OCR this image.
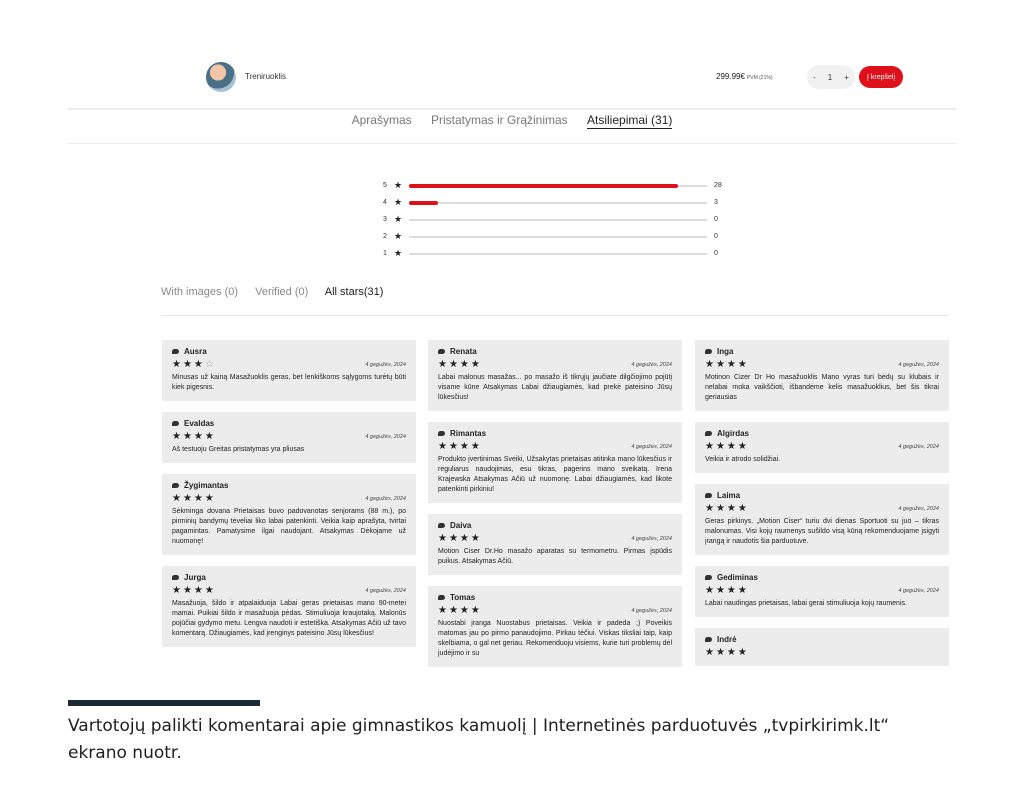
Treniruoklis	299.99€ PVM (21%)	- 1 +	Į krepšelį
Aprašymas Pristatymas ir Grąžinimas Atsiliepimai (31)
5 ★	28
4 ★	3
3 ★	0
2 ★	0
1 ★	0
With images (0) Verified (0) All stars(31)
Ausra
★★★☆	4 gegužės, 2024
Minusas už kainą Masažuoklis geras, bet lenkiškoms sąlygoms turėtų būti kiek pigesnis.
Evaldas
★★★★	4 gegužės, 2024
Aš testuoju Greitas pristatymas yra pliusas
Žygimantas
★★★★	4 gegužės, 2024
Sėkminga dovana Prietaisas buvo padovanotas senjorams (88 m.), po pirminių bandymų tėveliai liko labai patenkinti. Veikia kaip aprašyta, tvirtai pagamintas. Pamatysime ilgai naudojant. Atsakymas Dėkojame už nuomonę!
Jurga
★★★★	4 gegužės, 2024
Masažuoja, šildo ir atpalaiduoja Labai geras prietaisas mano 90-metei mamai. Puikiai šildo ir masažuoja pėdas. Stimuliuoja kraujotaką. Malonūs pojūčiai gydymo metu. Lengva naudoti ir estetiška. Atsakymas Ačiū už tavo komentarą. Džiaugiamės, kad įrenginys pateisino Jūsų lūkesčius!
Renata
★★★★	4 gegužės, 2024
Labai malonus masažas... po masažo iš tikrųjų jaučiate dilgčiojimo pojūtį visame kūne Atsakymas Labai džiaugiamės, kad prekė pateisino Jūsų lūkesčius!
Rimantas
★★★★	4 gegužės, 2024
Produkto įvertinimas Sveiki, Užsakytas prietaisas atitinka mano lūkesčius ir reguliarus naudojimas, esu tikras, pagerins mano sveikatą. Irena Krajewska Atsakymas Ačiū už nuomonę. Labai džiaugiamės, kad likote patenkinti pirkiniu!
Daiva
★★★★	4 gegužės, 2024
Motion Ciser Dr.Ho masažo aparatas su termometru. Pirmas įspūdis puikus. Atsakymas Ačiū.
Tomas
★★★★	4 gegužės, 2024
Nuostabi įranga Nuostabus prietaisas. Veikia ir padeda ;) Poveikis matomas jau po pirmo panaudojimo. Pirkau tėčiui. Viskas tiksliai taip, kaip skelbiama, o gal net geriau. Rekomenduoju visiems, kurie turi problemų dėl judėjimo ir su
Inga
★★★★	4 gegužės, 2024
Motinon Cizer Dr Ho masažuoklis Mano vyras turi bėdų su klubais ir nelabai moka vaikščioti, išbandėme kelis masažuoklius, bet šis tikrai geriausias
Algirdas
★★★★	4 gegužės, 2024
Veikia ir atrodo solidžiai.
Laima
★★★★	4 gegužės, 2024
Geras pirkinys. „Motion Ciser“ turiu dvi dienas Sportuoti su juo – tikras malonumas. Visi kojų raumenys sušildo visą kūną rekomenduojame įsigyti įrangą ir naudotis šia parduotuve.
Gediminas
★★★★	4 gegužės, 2024
Labai naudingas prietaisas, labai gerai stimuliuoja kojų raumenis.
Indrė
★★★★
Vartotojų palikti komentarai apie gimnastikos kamuolį | Internetinės parduotuvės „tvpirkirimk.lt“ ekrano nuotr.
